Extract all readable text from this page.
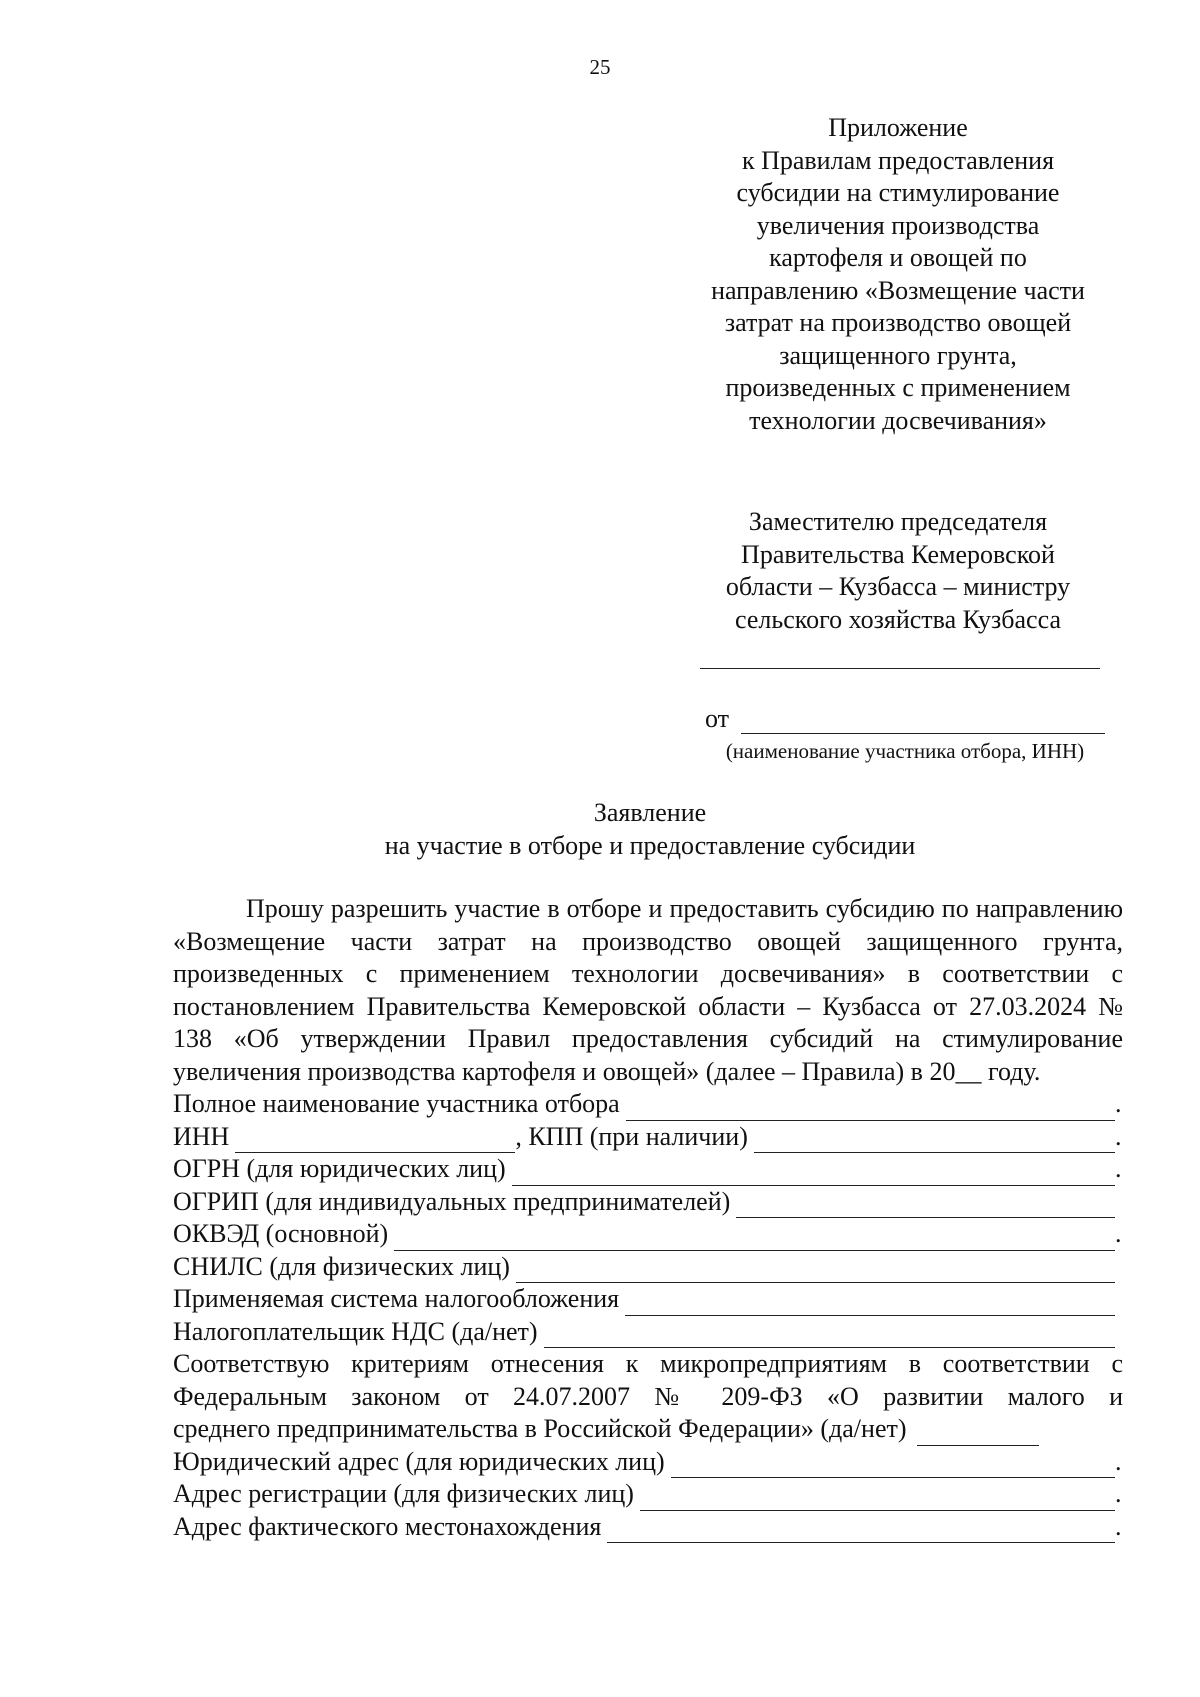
25
Приложение
к Правилам предоставления
субсидии на стимулирование
увеличения производства
картофеля и овощей по
направлению «Возмещение части
затрат на производство овощей
защищенного грунта,
произведенных с применением
технологии досвечивания»
Заместителю председателя
Правительства Кемеровской
области – Кузбасса – министру
сельского хозяйства Кузбасса
от
(наименование участника отбора, ИНН)
Заявление
на участие в отборе и предоставление субсидии

Прошу разрешить участие в отборе и предоставить субсидию по направлению «Возмещение части затрат на производство овощей защищенного грунта, произведенных с применением технологии досвечивания» в соответствии с постановлением Правительства Кемеровской области – Кузбасса от 27.03.2024 № 138 «Об утверждении Правил предоставления субсидий на стимулирование увеличения производства картофеля и овощей» (далее – Правила) в 20__ году.

Полное наименование участника отбора	.
ИНН	, КПП (при наличии)	.
ОГРН (для юридических лиц)	.
ОГРИП (для индивидуальных предпринимателей)
ОКВЭД (основной)	.
СНИЛС (для физических лиц)
Применяемая система налогообложения
Налогоплательщик НДС (да/нет)

Соответствую критериям отнесения к микропредприятиям в соответствии с Федеральным законом от 24.07.2007 № 209-ФЗ «О развитии малого и

среднего предпринимательства в Российской Федерации» (да/нет)
Юридический адрес (для юридических лиц)	.
Адрес регистрации (для физических лиц)	.
Адрес фактического местонахождения	.
